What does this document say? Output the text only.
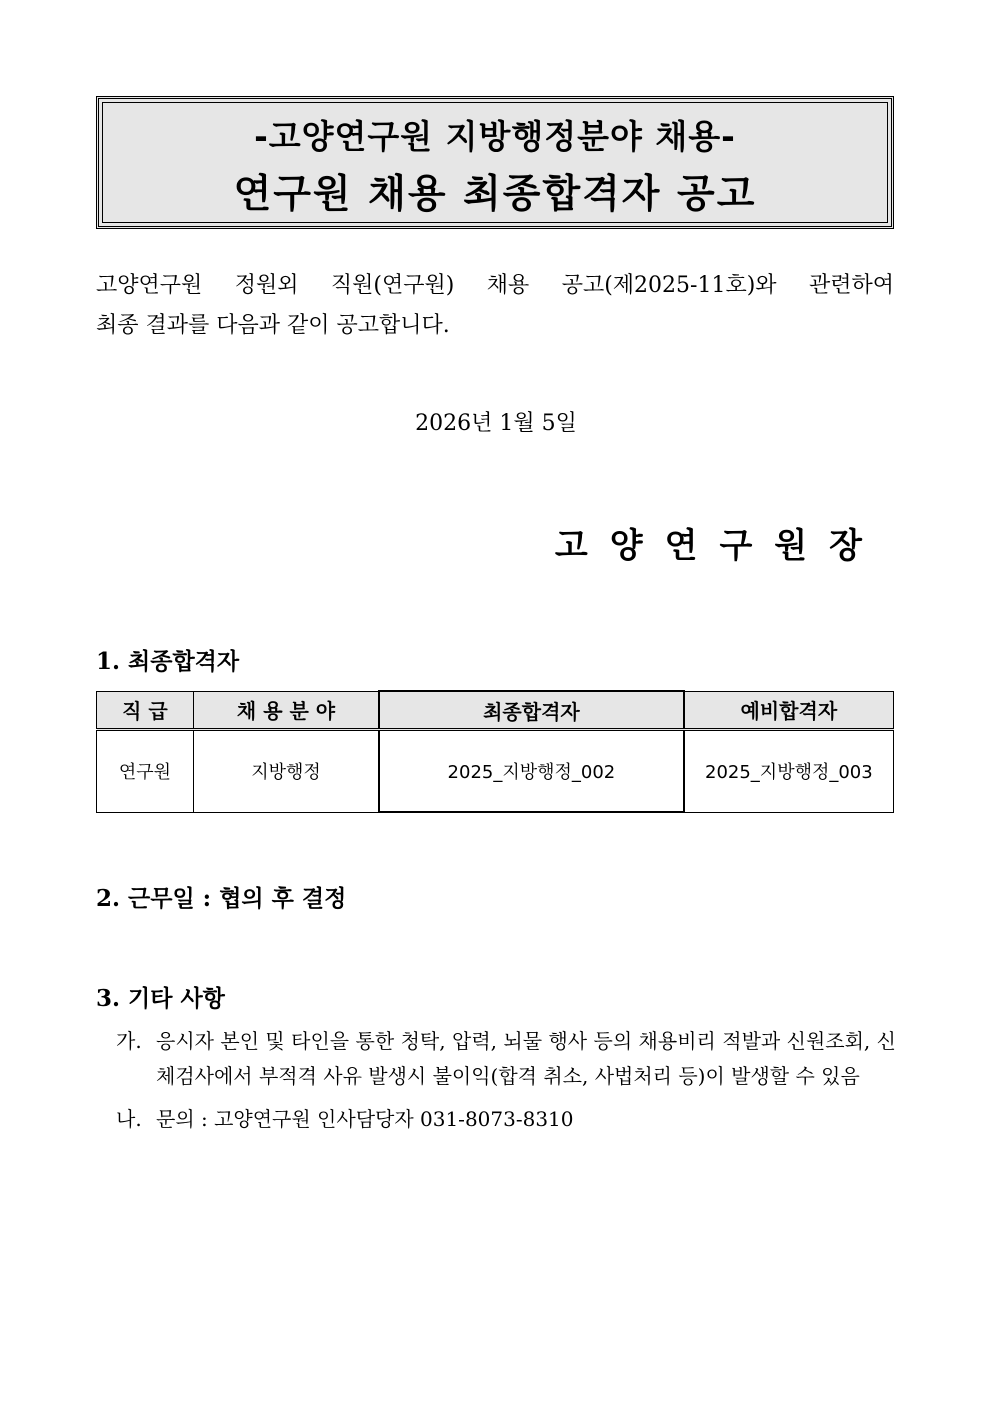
-고양연구원 지방행정분야 채용-
연구원 채용 최종합격자 공고
고양연구원 정원외 직원(연구원) 채용 공고(제2025-11호)와 관련하여
최종 결과를 다음과 같이 공고합니다.
2026년 1월 5일
고양연구원장
1. 최종합격자
직 급	채 용 분 야	최종합격자	예비합격자
연구원	지방행정	2025_지방행정_002	2025_지방행정_003
2. 근무일 : 협의 후 결정
3. 기타 사항
가. 응시자 본인 및 타인을 통한 청탁, 압력, 뇌물 행사 등의 채용비리 적발과 신원조회, 신체검사에서 부적격 사유 발생시 불이익(합격 취소, 사법처리 등)이 발생할 수 있음
나. 문의 : 고양연구원 인사담당자 031-8073-8310
